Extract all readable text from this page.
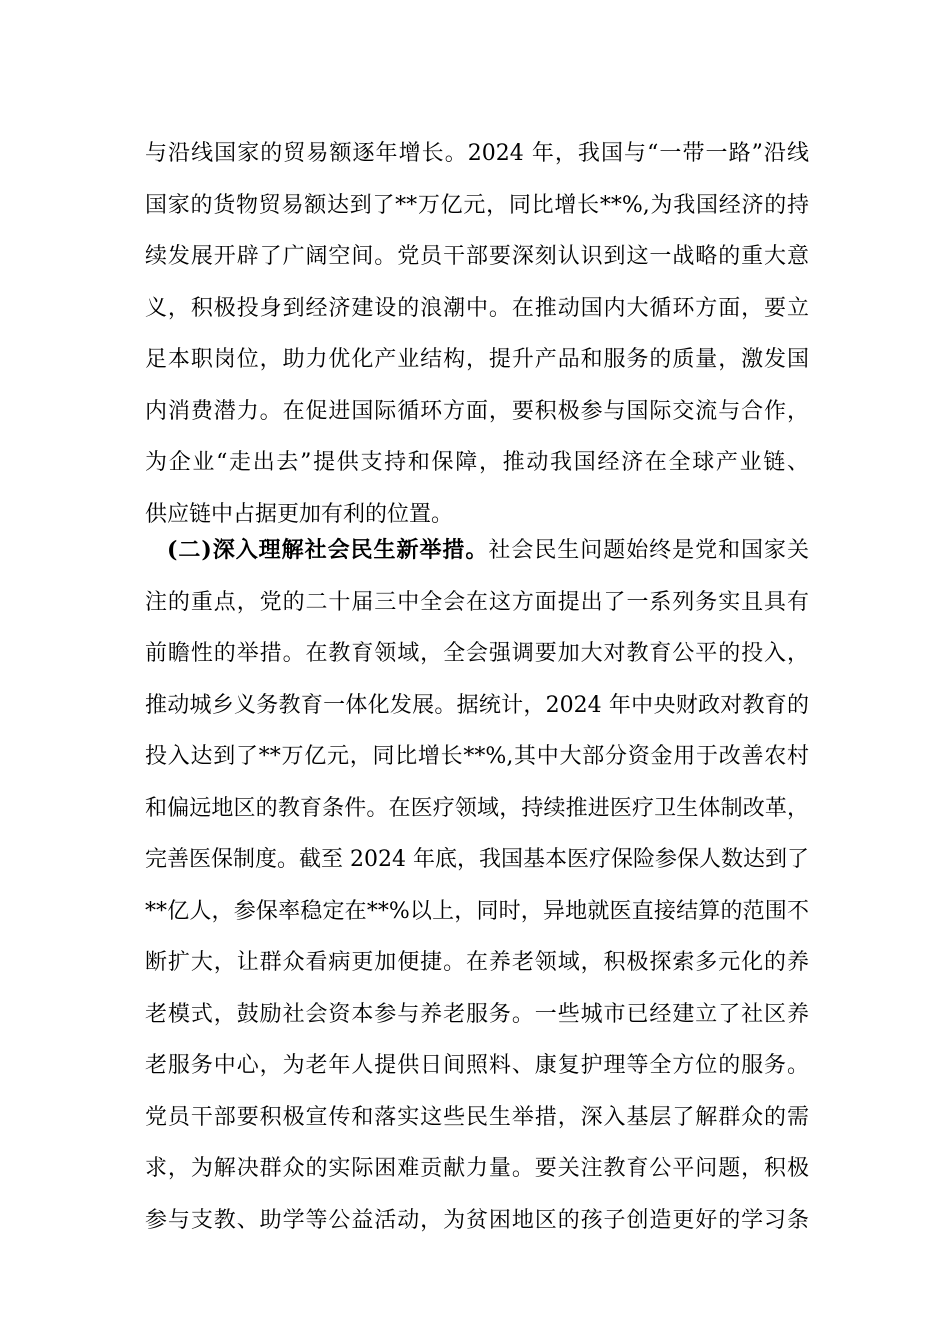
与沿线国家的贸易额逐年增长。2024 年，我国与“一带一路”沿线
国家的货物贸易额达到了**万亿元，同比增长**%,为我国经济的持
续发展开辟了广阔空间。党员干部要深刻认识到这一战略的重大意
义，积极投身到经济建设的浪潮中。在推动国内大循环方面，要立
足本职岗位，助力优化产业结构，提升产品和服务的质量，激发国
内消费潜力。在促进国际循环方面，要积极参与国际交流与合作，
为企业“走出去”提供支持和保障，推动我国经济在全球产业链、
供应链中占据更加有利的位置。
(二)深入理解社会民生新举措。社会民生问题始终是党和国家关
注的重点，党的二十届三中全会在这方面提出了一系列务实且具有
前瞻性的举措。在教育领域，全会强调要加大对教育公平的投入，
推动城乡义务教育一体化发展。据统计，2024 年中央财政对教育的
投入达到了**万亿元，同比增长**%,其中大部分资金用于改善农村
和偏远地区的教育条件。在医疗领域，持续推进医疗卫生体制改革，
完善医保制度。截至 2024 年底，我国基本医疗保险参保人数达到了
**亿人，参保率稳定在**%以上，同时，异地就医直接结算的范围不
断扩大，让群众看病更加便捷。在养老领域，积极探索多元化的养
老模式，鼓励社会资本参与养老服务。一些城市已经建立了社区养
老服务中心，为老年人提供日间照料、康复护理等全方位的服务。
党员干部要积极宣传和落实这些民生举措，深入基层了解群众的需
求，为解决群众的实际困难贡献力量。要关注教育公平问题，积极
参与支教、助学等公益活动，为贫困地区的孩子创造更好的学习条
